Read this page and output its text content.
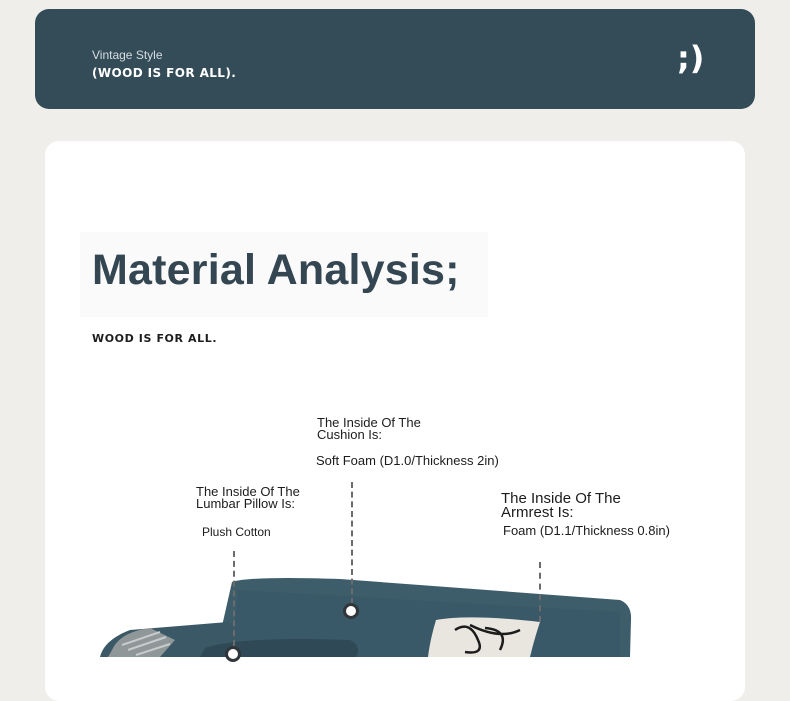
Vintage Style
(WOOD IS FOR ALL).	;)
Material Analysis;
WOOD IS FOR ALL.
The Inside Of The Cushion Is:
Soft Foam (D1.0/Thickness 2in)
The Inside Of The Lumbar Pillow Is:
Plush Cotton
The Inside Of The Armrest Is:
Foam (D1.1/Thickness 0.8in)
